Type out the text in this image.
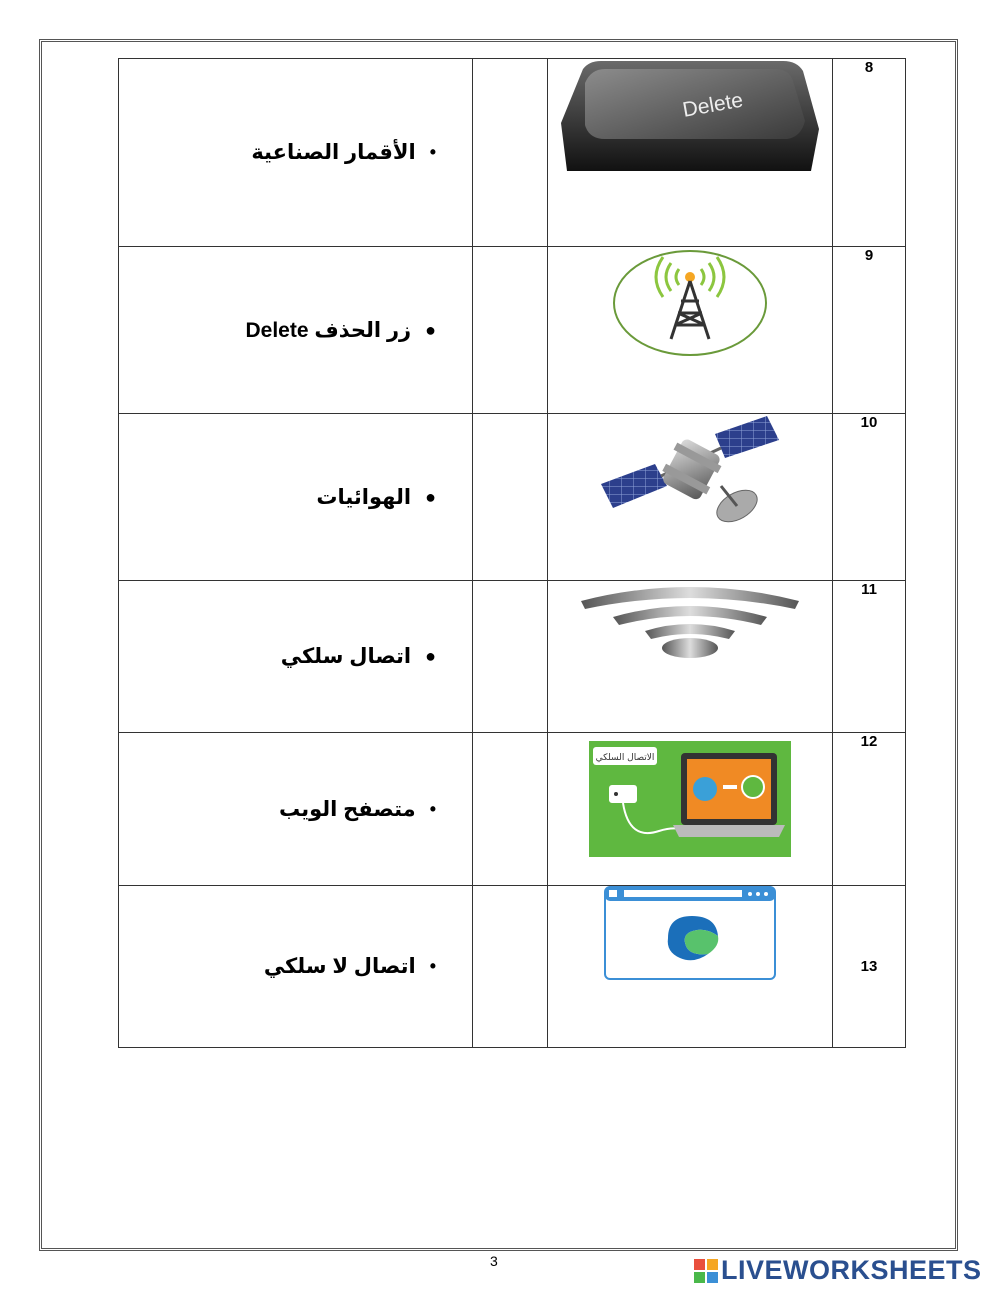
•
الأقمار الصناعية		Delete	8

●
زر الحذف Delete			9

●
الهوائيات			10

●
اتصال سلكي			11

•
متصفح الويب		الاتصال السلكي	12

•
اتصال لا سلكي			13
3	LIVEWORKSHEETS
